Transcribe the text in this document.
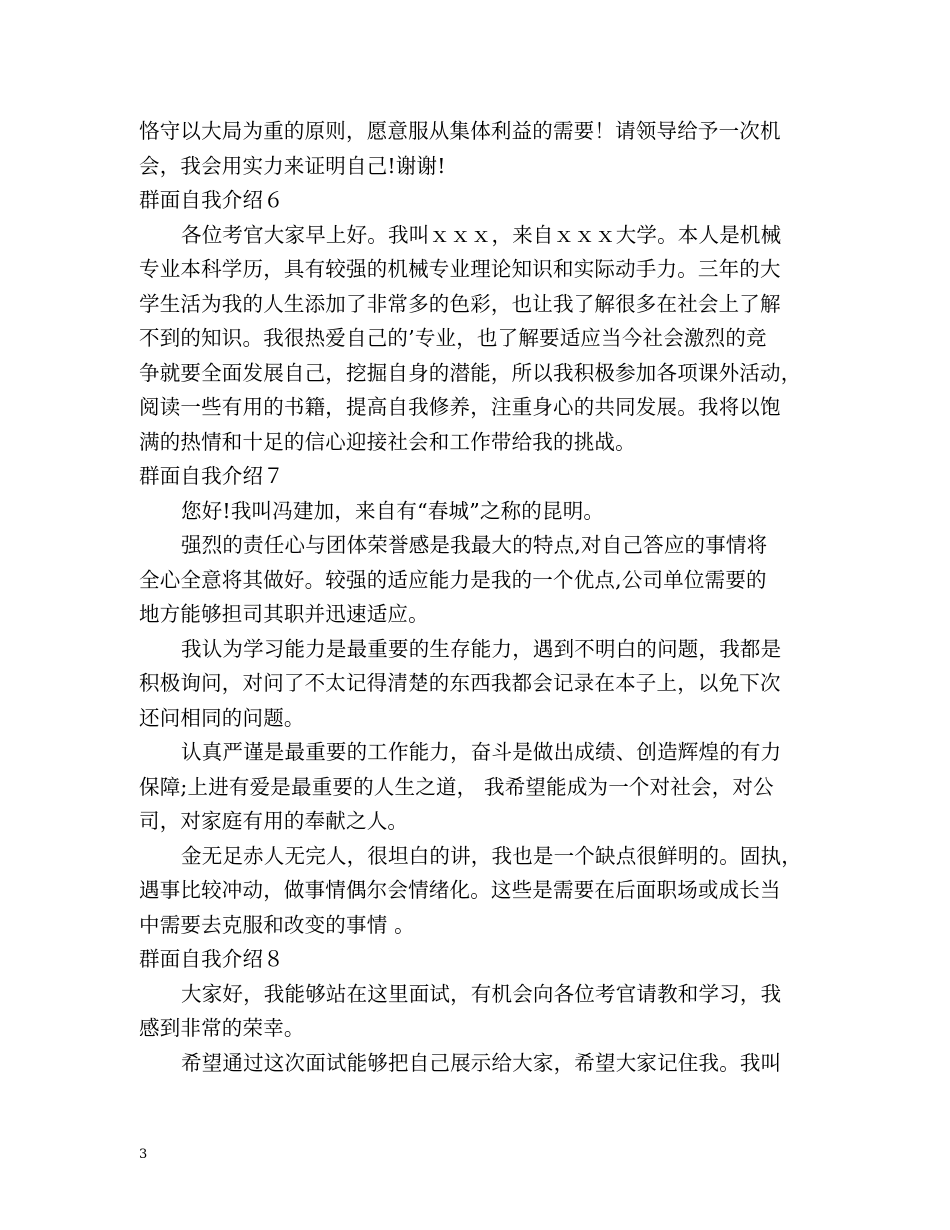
恪守以大局为重的原则，愿意服从集体利益的需要！请领导给予一次机
会，我会用实力来证明自己!谢谢!
群面自我介绍６
各位考官大家早上好。我叫ｘｘｘ，来自ｘｘｘ大学。本人是机械
专业本科学历，具有较强的机械专业理论知识和实际动手力。三年的大
学生活为我的人生添加了非常多的色彩，也让我了解很多在社会上了解
不到的知识。我很热爱自己的’专业，也了解要适应当今社会激烈的竞
争就要全面发展自己，挖掘自身的潜能，所以我积极参加各项课外活动，
阅读一些有用的书籍，提高自我修养，注重身心的共同发展。我将以饱
满的热情和十足的信心迎接社会和工作带给我的挑战。
群面自我介绍７
您好!我叫冯建加，来自有“春城”之称的昆明。
强烈的责任心与团体荣誉感是我最大的特点,对自己答应的事情将
全心全意将其做好。较强的适应能力是我的一个优点,公司单位需要的
地方能够担司其职并迅速适应。
我认为学习能力是最重要的生存能力，遇到不明白的问题，我都是
积极询问，对问了不太记得清楚的东西我都会记录在本子上，以免下次
还问相同的问题。
认真严谨是最重要的工作能力，奋斗是做出成绩、创造辉煌的有力
保障;上进有爱是最重要的人生之道， 我希望能成为一个对社会，对公
司，对家庭有用的奉献之人。
金无足赤人无完人，很坦白的讲，我也是一个缺点很鲜明的。固执，
遇事比较冲动，做事情偶尔会情绪化。这些是需要在后面职场或成长当
中需要去克服和改变的事情 。
群面自我介绍８
大家好，我能够站在这里面试，有机会向各位考官请教和学习，我
感到非常的荣幸。
希望通过这次面试能够把自己展示给大家，希望大家记住我。我叫
3
